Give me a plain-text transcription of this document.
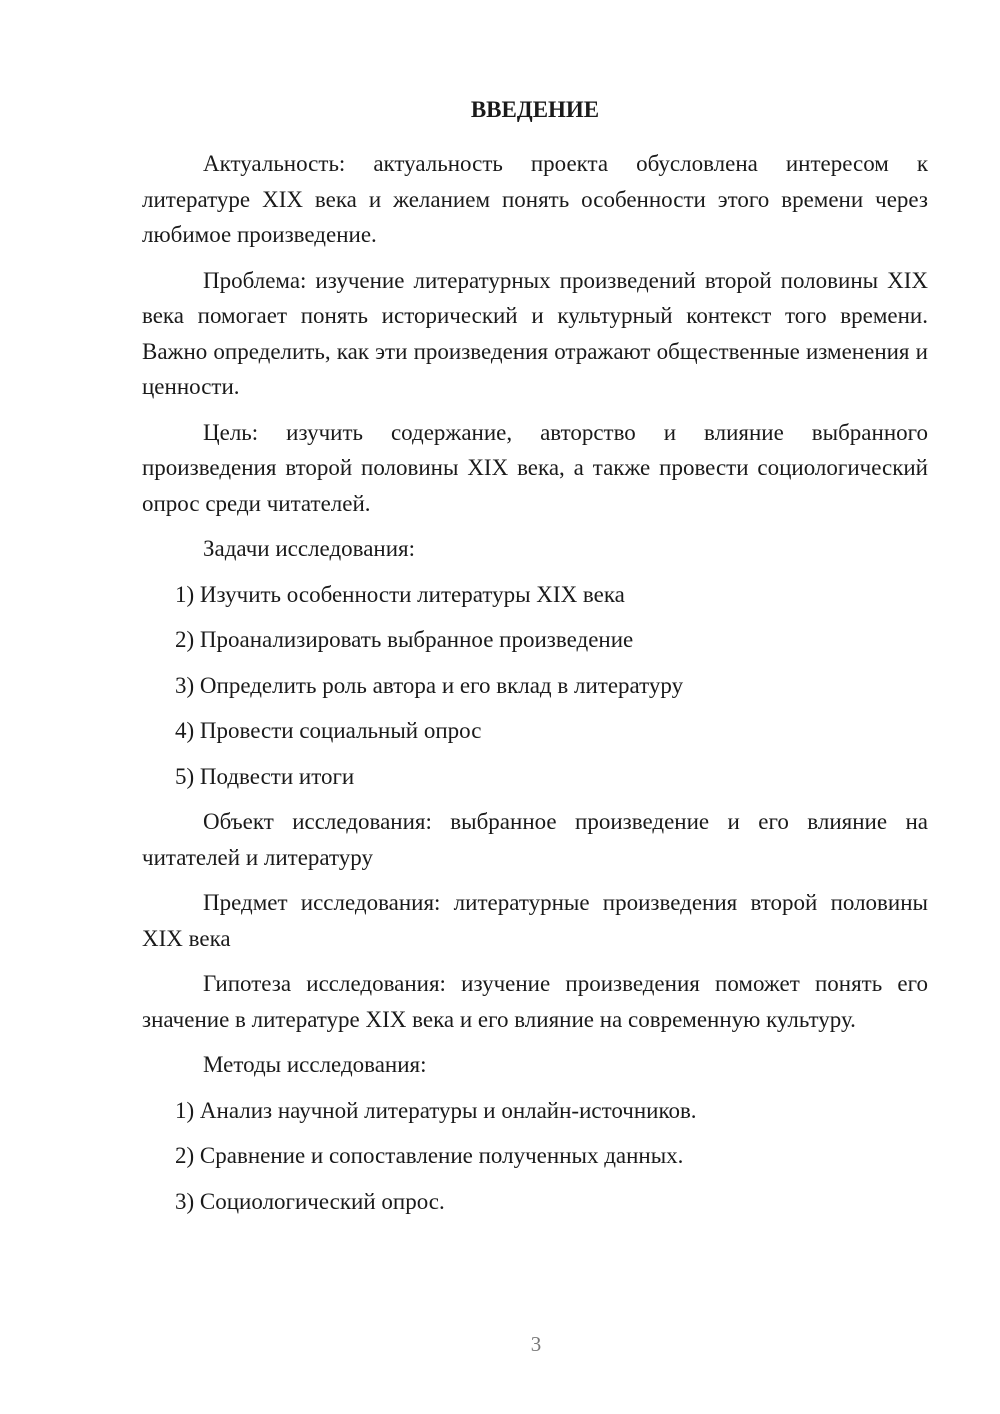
ВВЕДЕНИЕ
Актуальность: актуальность проекта обусловлена интересом к литературе XIX века и желанием понять особенности этого времени через любимое произведение.
Проблема: изучение литературных произведений второй половины XIX века помогает понять исторический и культурный контекст того времени. Важно определить, как эти произведения отражают общественные изменения и ценности.
Цель: изучить содержание, авторство и влияние выбранного произведения второй половины XIX века, а также провести социологический опрос среди читателей.
Задачи исследования:
1) Изучить особенности литературы XIX века
2) Проанализировать выбранное произведение
3) Определить роль автора и его вклад в литературу
4) Провести социальный опрос
5) Подвести итоги
Объект исследования: выбранное произведение и его влияние на читателей и литературу
Предмет исследования: литературные произведения второй половины XIX века
Гипотеза исследования: изучение произведения поможет понять его значение в литературе XIX века и его влияние на современную культуру.
Методы исследования:
1) Анализ научной литературы и онлайн-источников.
2) Сравнение и сопоставление полученных данных.
3) Социологический опрос.
3
